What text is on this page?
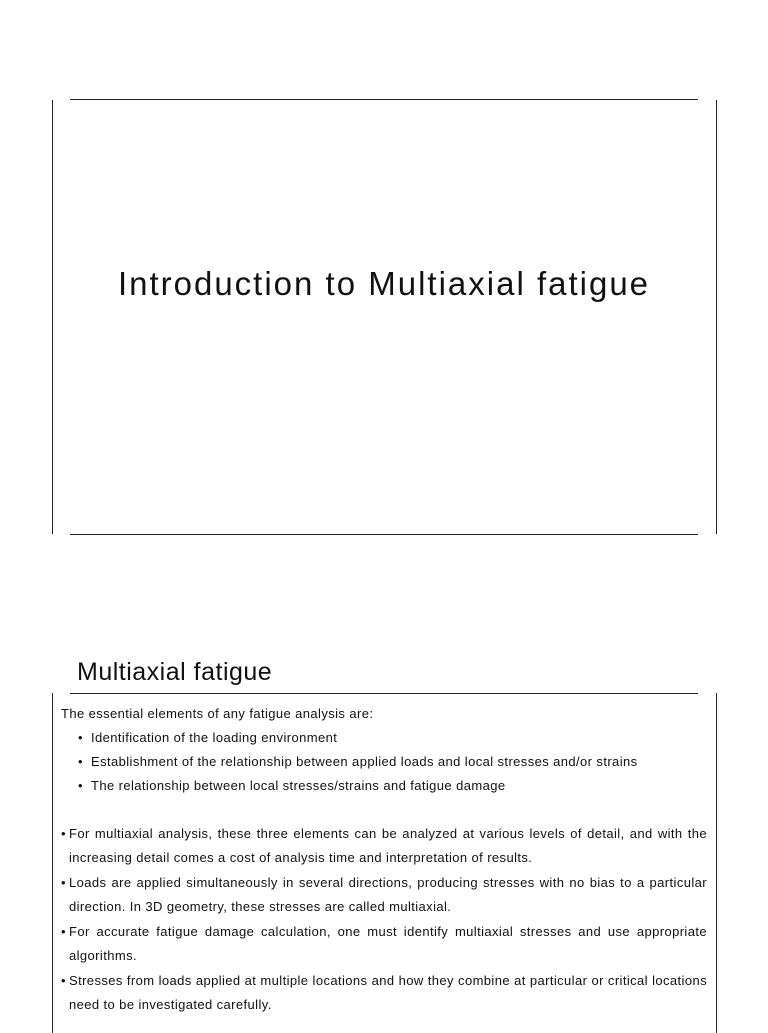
Introduction to Multiaxial fatigue
Multiaxial fatigue

The essential elements of any fatigue analysis are:

• Identification of the loading environment
• Establishment of the relationship between applied loads and local stresses and/or strains
• The relationship between local stresses/strains and fatigue damage
• For multiaxial analysis, these three elements can be analyzed at various levels of detail, and with the increasing detail comes a cost of analysis time and interpretation of results.
• Loads are applied simultaneously in several directions, producing stresses with no bias to a particular direction. In 3D geometry, these stresses are called multiaxial.
• For accurate fatigue damage calculation, one must identify multiaxial stresses and use appropriate algorithms.
• Stresses from loads applied at multiple locations and how they combine at particular or critical locations need to be investigated carefully.
